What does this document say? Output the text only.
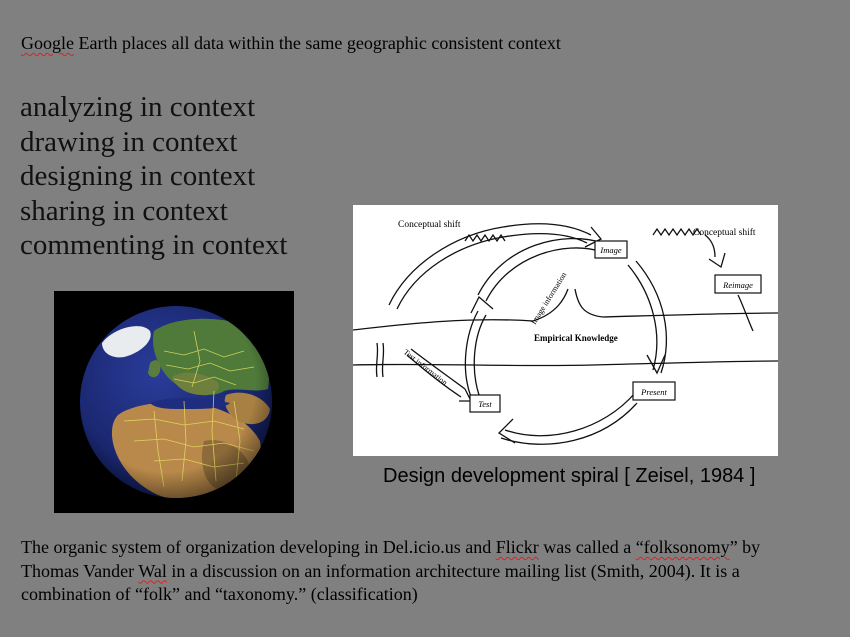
Google Earth places all data within the same geographic consistent context
analyzing in context
drawing in context
designing in context
sharing in context
commenting in context
Conceptual shift
Conceptual shift
Image
Reimage
Present
Test
Empirical Knowledge
Image information
Test information
Design development spiral [ Zeisel, 1984 ]

The organic system of organization developing in Del.icio.us and Flickr was called a “folksonomy” by Thomas Vander Wal in a discussion on an information architecture mailing list (Smith, 2004). It is a combination of “folk” and “taxonomy.” (classification)
